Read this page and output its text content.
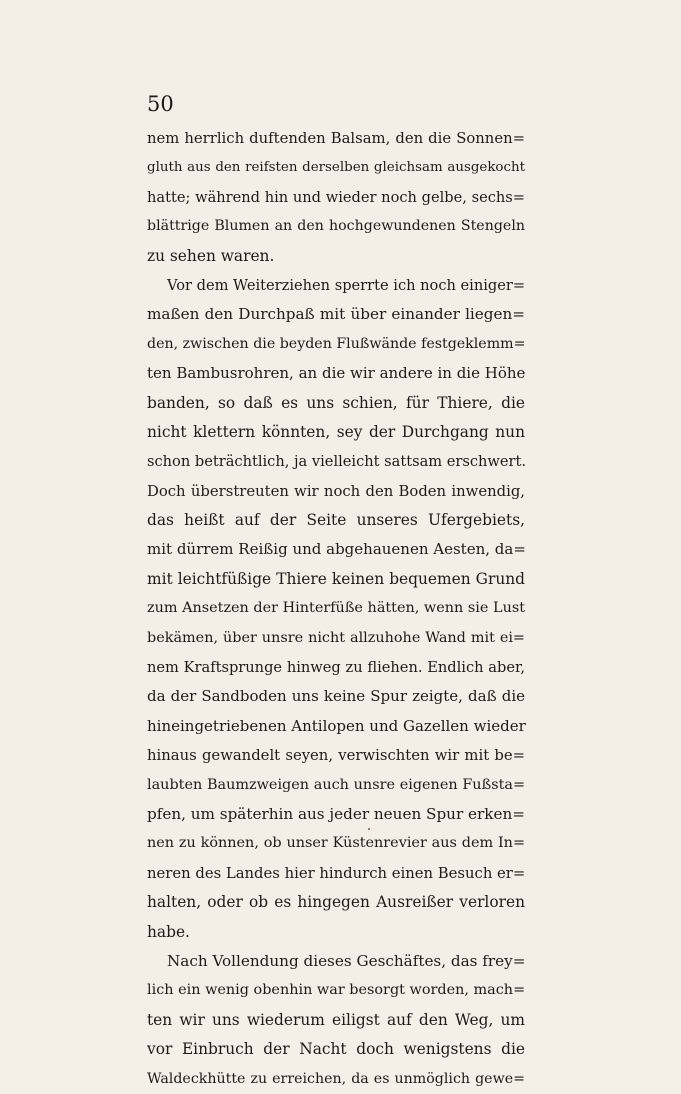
50
nem herrlich duftenden Balsam, den die Sonnen=
gluth aus den reifsten derselben gleichsam ausgekocht
hatte; während hin und wieder noch gelbe, sechs=
blättrige Blumen an den hochgewundenen Stengeln
zu sehen waren.
Vor dem Weiterziehen sperrte ich noch einiger=
maßen den Durchpaß mit über einander liegen=
den, zwischen die beyden Flußwände festgeklemm=
ten Bambusrohren, an die wir andere in die Höhe
banden, so daß es uns schien, für Thiere, die
nicht klettern könnten, sey der Durchgang nun
schon beträchtlich, ja vielleicht sattsam erschwert.
Doch überstreuten wir noch den Boden inwendig,
das heißt auf der Seite unseres Ufergebiets,
mit dürrem Reißig und abgehauenen Aesten, da=
mit leichtfüßige Thiere keinen bequemen Grund
zum Ansetzen der Hinterfüße hätten, wenn sie Lust
bekämen, über unsre nicht allzuhohe Wand mit ei=
nem Kraftsprunge hinweg zu fliehen. Endlich aber,
da der Sandboden uns keine Spur zeigte, daß die
hineingetriebenen Antilopen und Gazellen wieder
hinaus gewandelt seyen, verwischten wir mit be=
laubten Baumzweigen auch unsre eigenen Fußsta=
pfen, um späterhin aus jeder neuen Spur erken=
nen zu können, ob unser Küstenrevier aus dem In=
neren des Landes hier hindurch einen Besuch er=
halten, oder ob es hingegen Ausreißer verloren
habe.
Nach Vollendung dieses Geschäftes, das frey=
lich ein wenig obenhin war besorgt worden, mach=
ten wir uns wiederum eiligst auf den Weg, um
vor Einbruch der Nacht doch wenigstens die
Waldeckhütte zu erreichen, da es unmöglich gewe=
